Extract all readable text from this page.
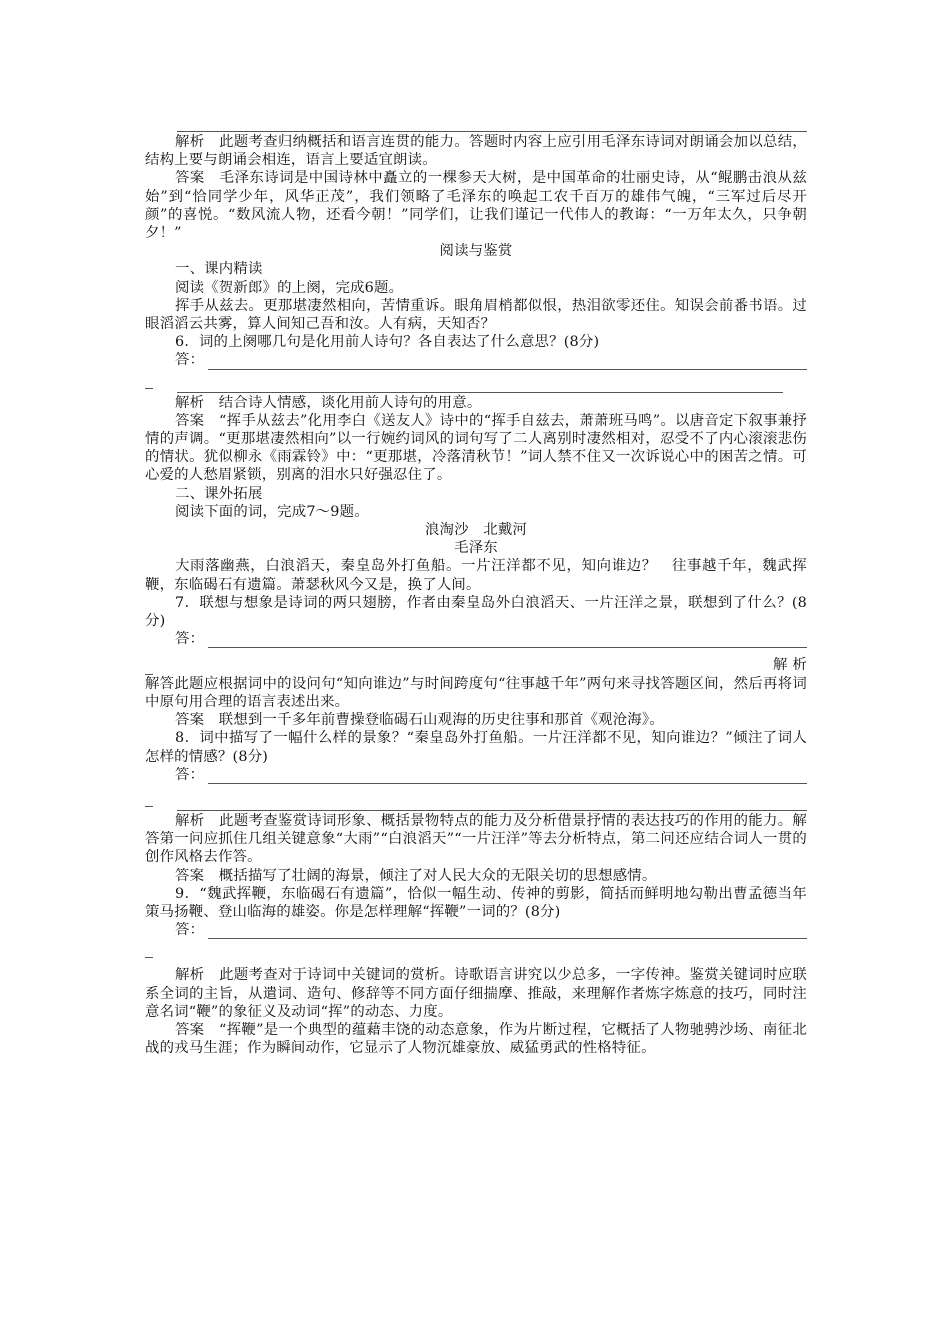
解析　此题考查归纳概括和语言连贯的能力。答题时内容上应引用毛泽东诗词对朗诵会加以总结，结构上要与朗诵会相连，语言上要适宜朗读。

答案　毛泽东诗词是中国诗林中矗立的一棵参天大树，是中国革命的壮丽史诗，从“鲲鹏击浪从兹始”到“恰同学少年，风华正茂”，我们领略了毛泽东的唤起工农千百万的雄伟气魄，“三军过后尽开颜”的喜悦。“数风流人物，还看今朝！”同学们，让我们谨记一代伟人的教诲：“一万年太久，只争朝夕！”

阅读与鉴赏

一、课内精读

阅读《贺新郎》的上阕，完成6题。

挥手从兹去。更那堪凄然相向，苦情重诉。眼角眉梢都似恨，热泪欲零还住。知误会前番书语。过眼滔滔云共雾，算人间知己吾和汝。人有病，天知否？

6．词的上阕哪几句是化用前人诗句？各自表达了什么意思？(8分)

答：

解析　结合诗人情感，谈化用前人诗句的用意。

答案　“挥手从兹去”化用李白《送友人》诗中的“挥手自兹去，萧萧班马鸣”。以唐音定下叙事兼抒情的声调。“更那堪凄然相向”以一行婉约词风的词句写了二人离别时凄然相对，忍受不了内心滚滚悲伤的情状。犹似柳永《雨霖铃》中：“更那堪，冷落清秋节！”词人禁不住又一次诉说心中的困苦之情。可心爱的人愁眉紧锁，别离的泪水只好强忍住了。

二、课外拓展

阅读下面的词，完成7～9题。

浪淘沙　北戴河

毛泽东

大雨落幽燕，白浪滔天，秦皇岛外打鱼船。一片汪洋都不见，知向谁边？　往事越千年，魏武挥鞭，东临碣石有遗篇。萧瑟秋风今又是，换了人间。

7．联想与想象是诗词的两只翅膀，作者由秦皇岛外白浪滔天、一片汪洋之景，联想到了什么？(8分)

答：
解 析

解答此题应根据词中的设问句“知向谁边”与时间跨度句“往事越千年”两句来寻找答题区间，然后再将词中原句用合理的语言表述出来。

答案　联想到一千多年前曹操登临碣石山观海的历史往事和那首《观沧海》。

8．词中描写了一幅什么样的景象？“秦皇岛外打鱼船。一片汪洋都不见，知向谁边？”倾注了词人怎样的情感？(8分)

答：

解析　此题考查鉴赏诗词形象、概括景物特点的能力及分析借景抒情的表达技巧的作用的能力。解答第一问应抓住几组关键意象“大雨”“白浪滔天”“一片汪洋”等去分析特点，第二问还应结合词人一贯的创作风格去作答。

答案　概括描写了壮阔的海景，倾注了对人民大众的无限关切的思想感情。

9．“魏武挥鞭，东临碣石有遗篇”，恰似一幅生动、传神的剪影，简括而鲜明地勾勒出曹孟德当年策马扬鞭、登山临海的雄姿。你是怎样理解“挥鞭”一词的？(8分)

答：

解析　此题考查对于诗词中关键词的赏析。诗歌语言讲究以少总多，一字传神。鉴赏关键词时应联系全词的主旨，从遣词、造句、修辞等不同方面仔细揣摩、推敲，来理解作者炼字炼意的技巧，同时注意名词“鞭”的象征义及动词“挥”的动态、力度。

答案　“挥鞭”是一个典型的蕴藉丰饶的动态意象，作为片断过程，它概括了人物驰骋沙场、南征北战的戎马生涯；作为瞬间动作，它显示了人物沉雄豪放、威猛勇武的性格特征。
